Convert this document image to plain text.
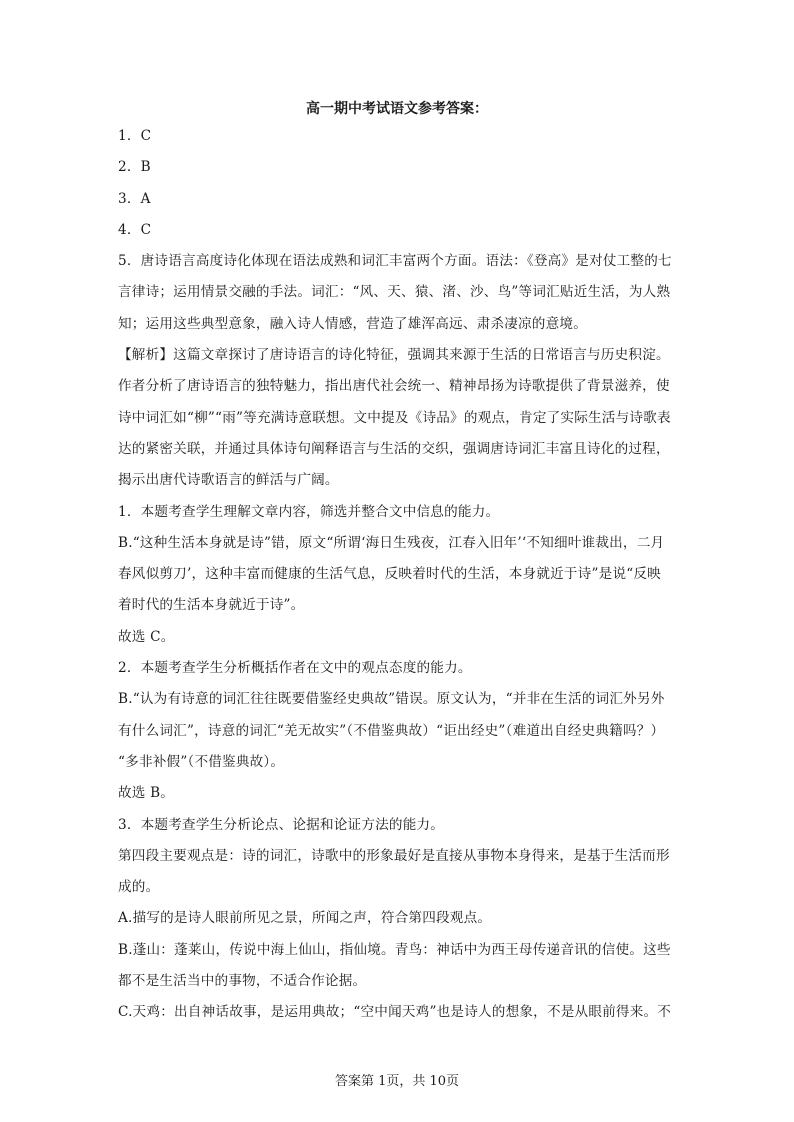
高一期中考试语文参考答案：
1．C
2．B
3．A
4．C
5．唐诗语言高度诗化体现在语法成熟和词汇丰富两个方面。语法：《登高》是对仗工整的七
言律诗；运用情景交融的手法。词汇：“风、天、猿、渚、沙、鸟”等词汇贴近生活，为人熟
知；运用这些典型意象，融入诗人情感，营造了雄浑高远、肃杀凄凉的意境。
【解析】这篇文章探讨了唐诗语言的诗化特征，强调其来源于生活的日常语言与历史积淀。
作者分析了唐诗语言的独特魅力，指出唐代社会统一、精神昂扬为诗歌提供了背景滋养，使
诗中词汇如“柳”“雨”等充满诗意联想。文中提及《诗品》的观点，肯定了实际生活与诗歌表
达的紧密关联，并通过具体诗句阐释语言与生活的交织，强调唐诗词汇丰富且诗化的过程，
揭示出唐代诗歌语言的鲜活与广阔。
1．本题考查学生理解文章内容，筛选并整合文中信息的能力。
B.“这种生活本身就是诗”错，原文“所谓‘海日生残夜，江春入旧年’‘不知细叶谁裁出，二月
春风似剪刀’，这种丰富而健康的生活气息，反映着时代的生活，本身就近于诗”是说“反映
着时代的生活本身就近于诗”。
故选 C。
2．本题考查学生分析概括作者在文中的观点态度的能力。
B.“认为有诗意的词汇往往既要借鉴经史典故”错误。原文认为，“并非在生活的词汇外另外
有什么词汇”，诗意的词汇“羌无故实”（不借鉴典故）“讵出经史”（难道出自经史典籍吗？）
“多非补假”（不借鉴典故）。
故选 B。
3．本题考查学生分析论点、论据和论证方法的能力。
第四段主要观点是：诗的词汇，诗歌中的形象最好是直接从事物本身得来，是基于生活而形
成的。
A.描写的是诗人眼前所见之景，所闻之声，符合第四段观点。
B.蓬山：蓬莱山，传说中海上仙山，指仙境。青鸟：神话中为西王母传递音讯的信使。这些
都不是生活当中的事物，不适合作论据。
C.天鸡：出自神话故事，是运用典故；“空中闻天鸡”也是诗人的想象，不是从眼前得来。不
答案第 1页，共 10页
